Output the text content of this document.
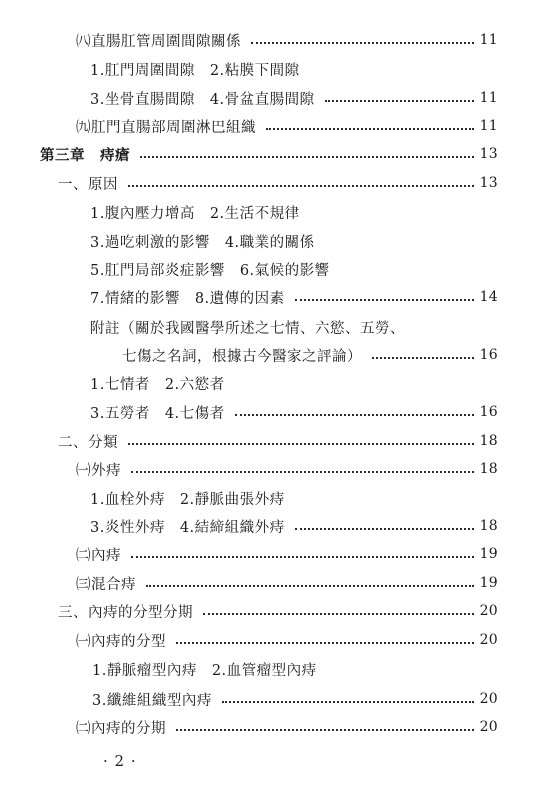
㈧直腸肛管周圍間隙關係	11
1.肛門周圍間隙　2.粘膜下間隙
3.坐骨直腸間隙　4.骨盆直腸間隙	11
㈨肛門直腸部周圍淋巴組織	11
第三章　痔瘡	13
一、原因	13
1.腹內壓力增高　2.生活不規律
3.過吃刺激的影響　4.職業的關係
5.肛門局部炎症影響　6.氣候的影響
7.情緒的影響　8.遺傳的因素	14
附註（關於我國醫學所述之七情、六慾、五勞、
七傷之名詞，根據古今醫家之評論）	16
1.七情者　2.六慾者
3.五勞者　4.七傷者	16
二、分類	18
㈠外痔	18
1.血栓外痔　2.靜脈曲張外痔
3.炎性外痔　4.結締組織外痔	18
㈡內痔	19
㈢混合痔	19
三、內痔的分型分期	20
㈠內痔的分型	20
1.靜脈瘤型內痔　2.血管瘤型內痔
3.纖維組織型內痔	20
㈡內痔的分期	20
· 2 ·
